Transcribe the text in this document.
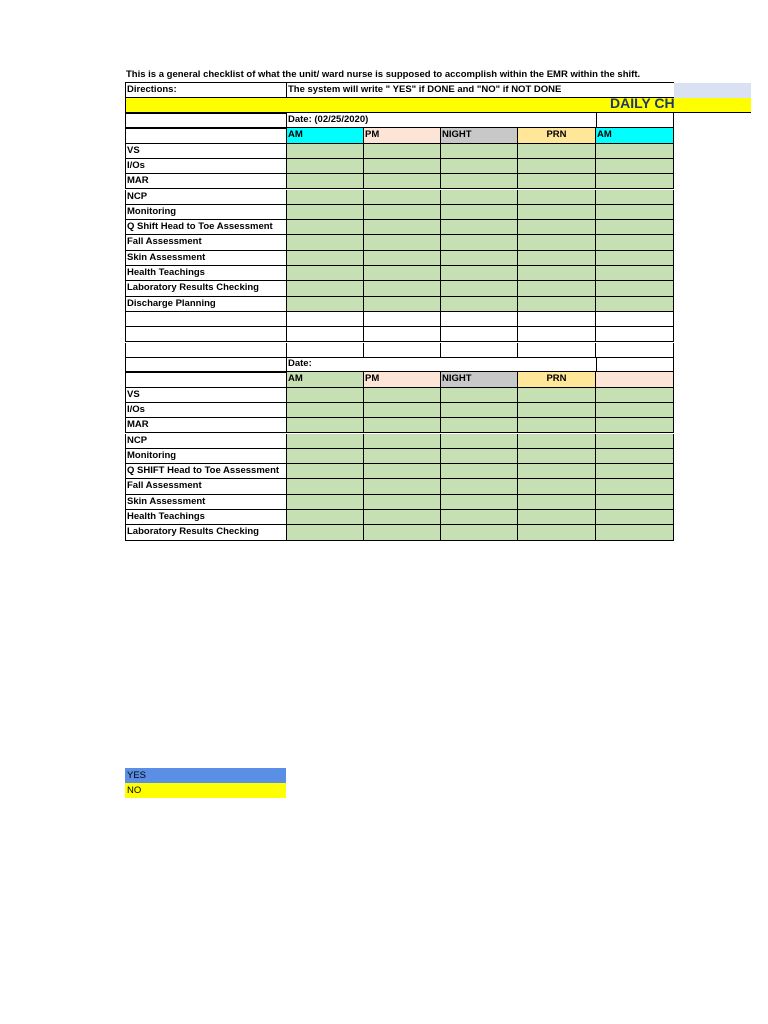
This is a general checklist of what the unit/ ward nurse is supposed to accomplish within the EMR within the shift.
Directions:	The system will write " YES" if DONE and "NO" if NOT DONE
DAILY CH
Date: (02/25/2020)
AM	PM	NIGHT	PRN	AM
VS
I/Os
MAR
NCP
Monitoring
Q Shift Head to Toe Assessment
Fall Assessment
Skin Assessment
Health Teachings
Laboratory Results Checking
Discharge Planning
Date:
AM	PM	NIGHT	PRN
VS
I/Os
MAR
NCP
Monitoring
Q SHIFT Head to Toe Assessment
Fall Assessment
Skin Assessment
Health Teachings
Laboratory Results Checking
YES
NO
